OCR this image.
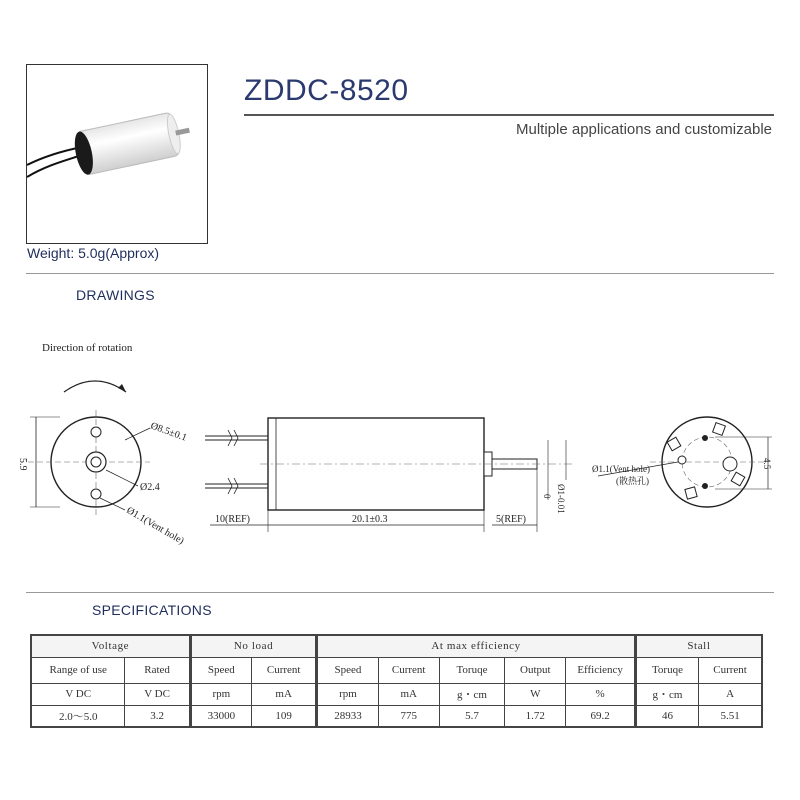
Weight: 5.0g(Approx)
ZDDC-8520
Multiple applications and customizable
DRAWINGS
Direction of rotation
5.9
Ø8.5±0.1
Ø2.4
Ø1.1(Vent hole)	10(REF)	20.1±0.3	5(REF)
0 Ø1-0.01
Ø1.1(Vent hole)
(散热孔)
4.5
SPECIFICATIONS
Voltage		No load		At max efficiency					Stall	
Range of use	Rated	Speed	Current	Speed	Current	Toruqe	Output	Efficiency	Toruqe	Current
V DC	V DC	rpm	mA	rpm	mA	g・cm	W	%	g・cm	A
2.0～5.0	3.2	33000	109	28933	775	5.7	1.72	69.2	46	5.51
